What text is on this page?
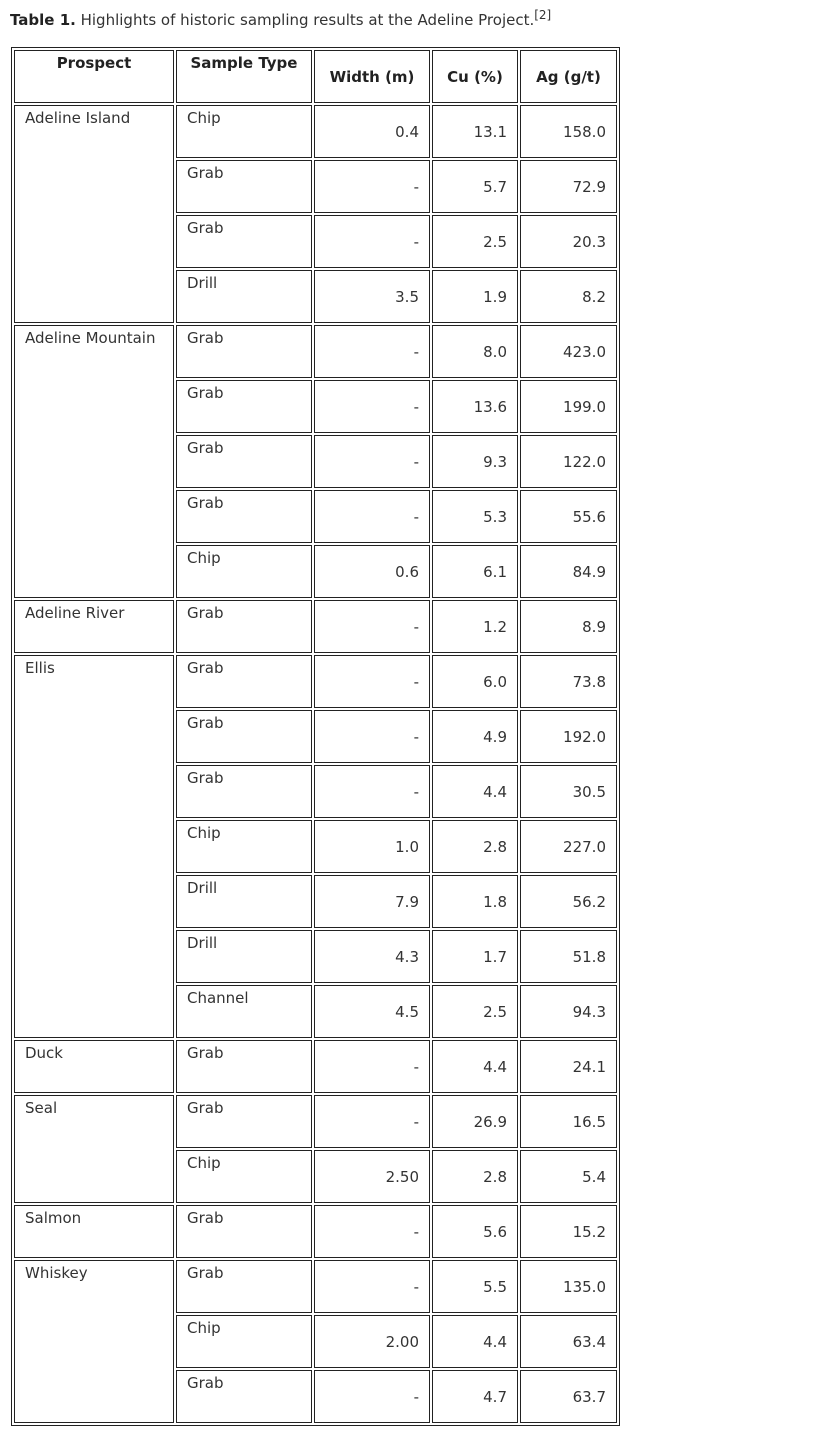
Table 1. Highlights of historic sampling results at the Adeline Project.[2]
Prospect	Sample Type	Width (m)	Cu (%)	Ag (g/t)
Adeline Island	Chip	0.4	13.1	158.0
	Grab	-	5.7	72.9
	Grab	-	2.5	20.3
	Drill	3.5	1.9	8.2
Adeline Mountain	Grab	-	8.0	423.0
	Grab	-	13.6	199.0
	Grab	-	9.3	122.0
	Grab	-	5.3	55.6
	Chip	0.6	6.1	84.9
Adeline River	Grab	-	1.2	8.9
Ellis	Grab	-	6.0	73.8
	Grab	-	4.9	192.0
	Grab	-	4.4	30.5
	Chip	1.0	2.8	227.0
	Drill	7.9	1.8	56.2
	Drill	4.3	1.7	51.8
	Channel	4.5	2.5	94.3
Duck	Grab	-	4.4	24.1
Seal	Grab	-	26.9	16.5
	Chip	2.50	2.8	5.4
Salmon	Grab	-	5.6	15.2
Whiskey	Grab	-	5.5	135.0
	Chip	2.00	4.4	63.4
	Grab	-	4.7	63.7
